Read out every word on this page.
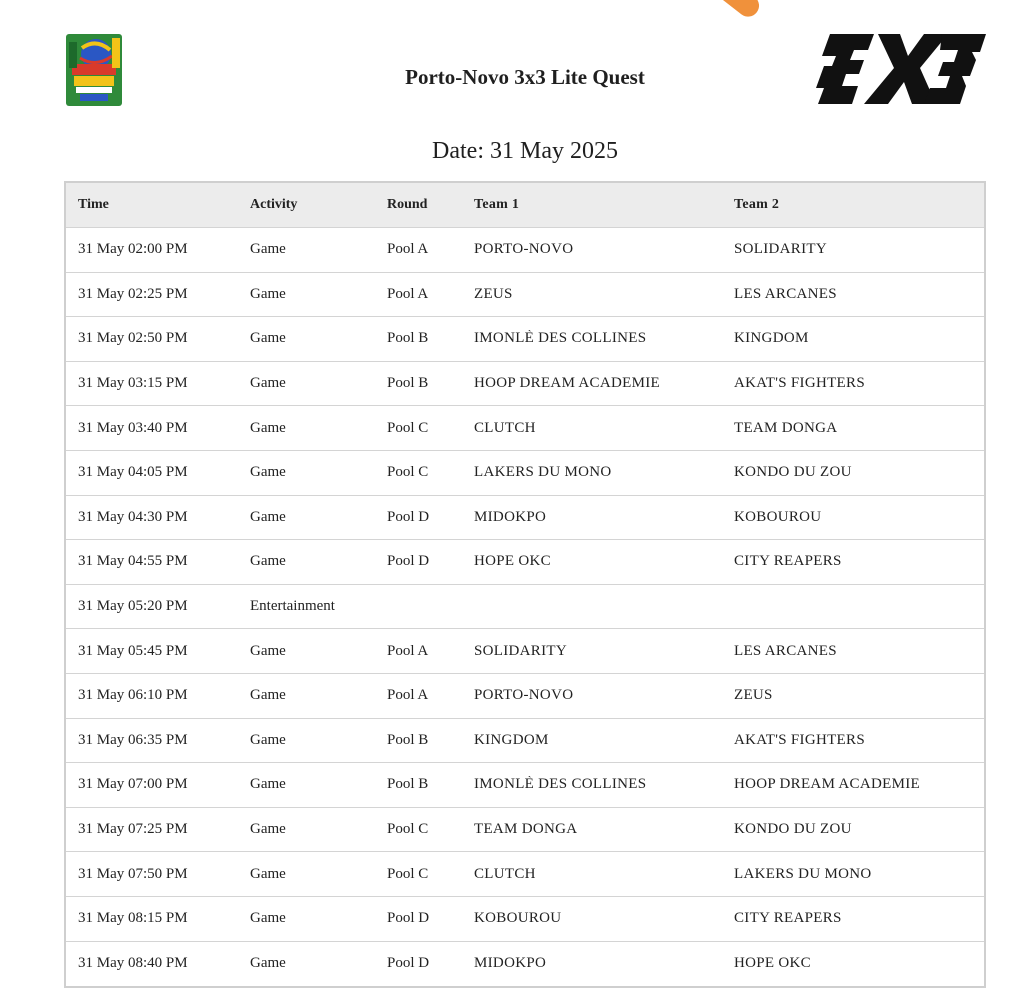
Porto-Novo 3x3 Lite Quest
Date: 31 May 2025
Time	Activity	Round	Team 1	Team 2
31 May 02:00 PM	Game	Pool A	PORTO-NOVO	SOLIDARITY
31 May 02:25 PM	Game	Pool A	ZEUS	LES ARCANES
31 May 02:50 PM	Game	Pool B	IMONLÈ DES COLLINES	KINGDOM
31 May 03:15 PM	Game	Pool B	HOOP DREAM ACADEMIE	AKAT'S FIGHTERS
31 May 03:40 PM	Game	Pool C	CLUTCH	TEAM DONGA
31 May 04:05 PM	Game	Pool C	LAKERS DU MONO	KONDO DU ZOU
31 May 04:30 PM	Game	Pool D	MIDOKPO	KOBOUROU
31 May 04:55 PM	Game	Pool D	HOPE OKC	CITY REAPERS
31 May 05:20 PM	Entertainment
31 May 05:45 PM	Game	Pool A	SOLIDARITY	LES ARCANES
31 May 06:10 PM	Game	Pool A	PORTO-NOVO	ZEUS
31 May 06:35 PM	Game	Pool B	KINGDOM	AKAT'S FIGHTERS
31 May 07:00 PM	Game	Pool B	IMONLÈ DES COLLINES	HOOP DREAM ACADEMIE
31 May 07:25 PM	Game	Pool C	TEAM DONGA	KONDO DU ZOU
31 May 07:50 PM	Game	Pool C	CLUTCH	LAKERS DU MONO
31 May 08:15 PM	Game	Pool D	KOBOUROU	CITY REAPERS
31 May 08:40 PM	Game	Pool D	MIDOKPO	HOPE OKC
